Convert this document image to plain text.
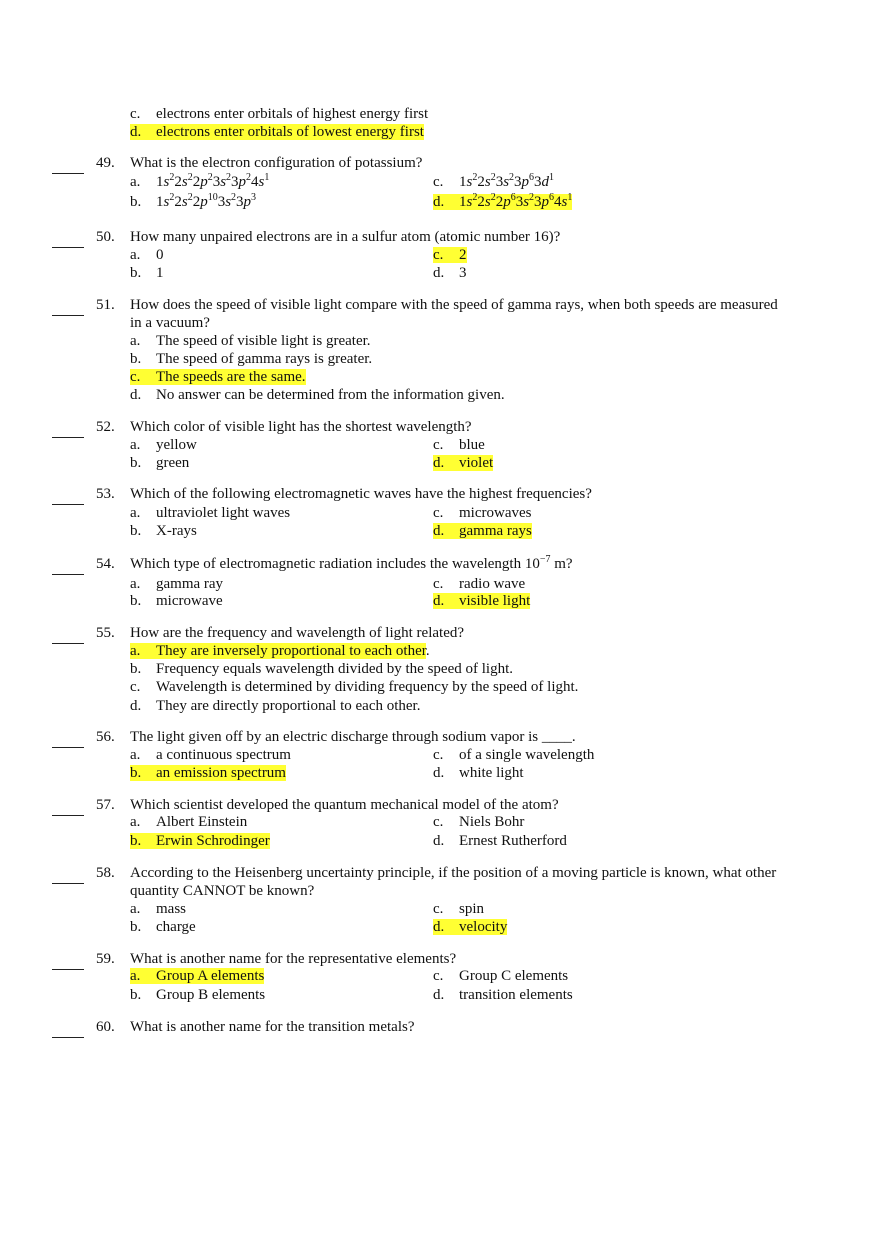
c. electrons enter orbitals of highest energy first
d. electrons enter orbitals of lowest energy first
49. What is the electron configuration of potassium?
a. $1s^22s^22p^23s^23p^24s^1$
b. $1s^22s^22p^{10}3s^23p^3$
c. $1s^22s^23s^23p^63d^1$
d. $1s^22s^22p^63s^23p^64s^1$
50. How many unpaired electrons are in a sulfur atom (atomic number 16)?
a. 0
b. 1
c. 2
d. 3
51. How does the speed of visible light compare with the speed of gamma rays, when both speeds are measured
in a vacuum?
a. The speed of visible light is greater.
b. The speed of gamma rays is greater.
c. The speeds are the same.
d. No answer can be determined from the information given.
52. Which color of visible light has the shortest wavelength?
a. yellow
b. green
c. blue
d. violet
53. Which of the following electromagnetic waves have the highest frequencies?
a. ultraviolet light waves
b. X-rays
c. microwaves
d. gamma rays
54. Which type of electromagnetic radiation includes the wavelength $10^{-7}$ m?
a. gamma ray
b. microwave
c. radio wave
d. visible light
55. How are the frequency and wavelength of light related?
a. They are inversely proportional to each other.
b. Frequency equals wavelength divided by the speed of light.
c. Wavelength is determined by dividing frequency by the speed of light.
d. They are directly proportional to each other.
56. The light given off by an electric discharge through sodium vapor is ____.
a. a continuous spectrum
b. an emission spectrum
c. of a single wavelength
d. white light
57. Which scientist developed the quantum mechanical model of the atom?
a. Albert Einstein
b. Erwin Schrodinger
c. Niels Bohr
d. Ernest Rutherford
58. According to the Heisenberg uncertainty principle, if the position of a moving particle is known, what other
quantity CANNOT be known?
a. mass
b. charge
c. spin
d. velocity
59. What is another name for the representative elements?
a. Group A elements
b. Group B elements
c. Group C elements
d. transition elements
60. What is another name for the transition metals?
